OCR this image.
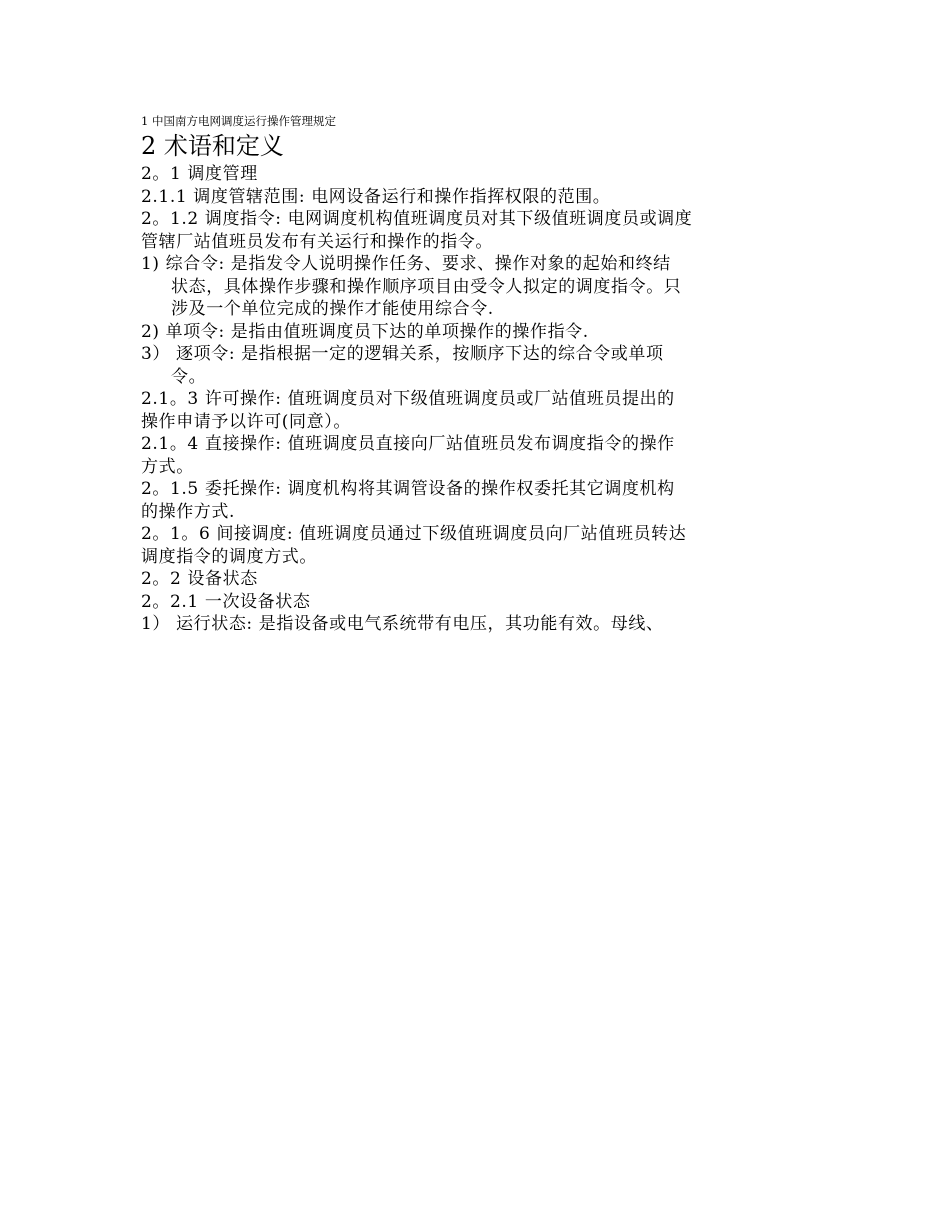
1 中国南方电网调度运行操作管理规定
2 术语和定义
2。1 调度管理
2.1.1 调度管辖范围: 电网设备运行和操作指挥权限的范围。
2。1.2 调度指令: 电网调度机构值班调度员对其下级值班调度员或调度
管辖厂站值班员发布有关运行和操作的指令。
1) 综合令: 是指发令人说明操作任务、要求、操作对象的起始和终结
状态，具体操作步骤和操作顺序项目由受令人拟定的调度指令。只
涉及一个单位完成的操作才能使用综合令.
2) 单项令: 是指由值班调度员下达的单项操作的操作指令.
3） 逐项令: 是指根据一定的逻辑关系，按顺序下达的综合令或单项
令。
2.1。3 许可操作: 值班调度员对下级值班调度员或厂站值班员提出的
操作申请予以许可(同意）。
2.1。4 直接操作: 值班调度员直接向厂站值班员发布调度指令的操作
方式。
2。1.5 委托操作: 调度机构将其调管设备的操作权委托其它调度机构
的操作方式.
2。1。6 间接调度: 值班调度员通过下级值班调度员向厂站值班员转达
调度指令的调度方式。
2。2 设备状态
2。2.1 一次设备状态
1） 运行状态: 是指设备或电气系统带有电压，其功能有效。母线、
